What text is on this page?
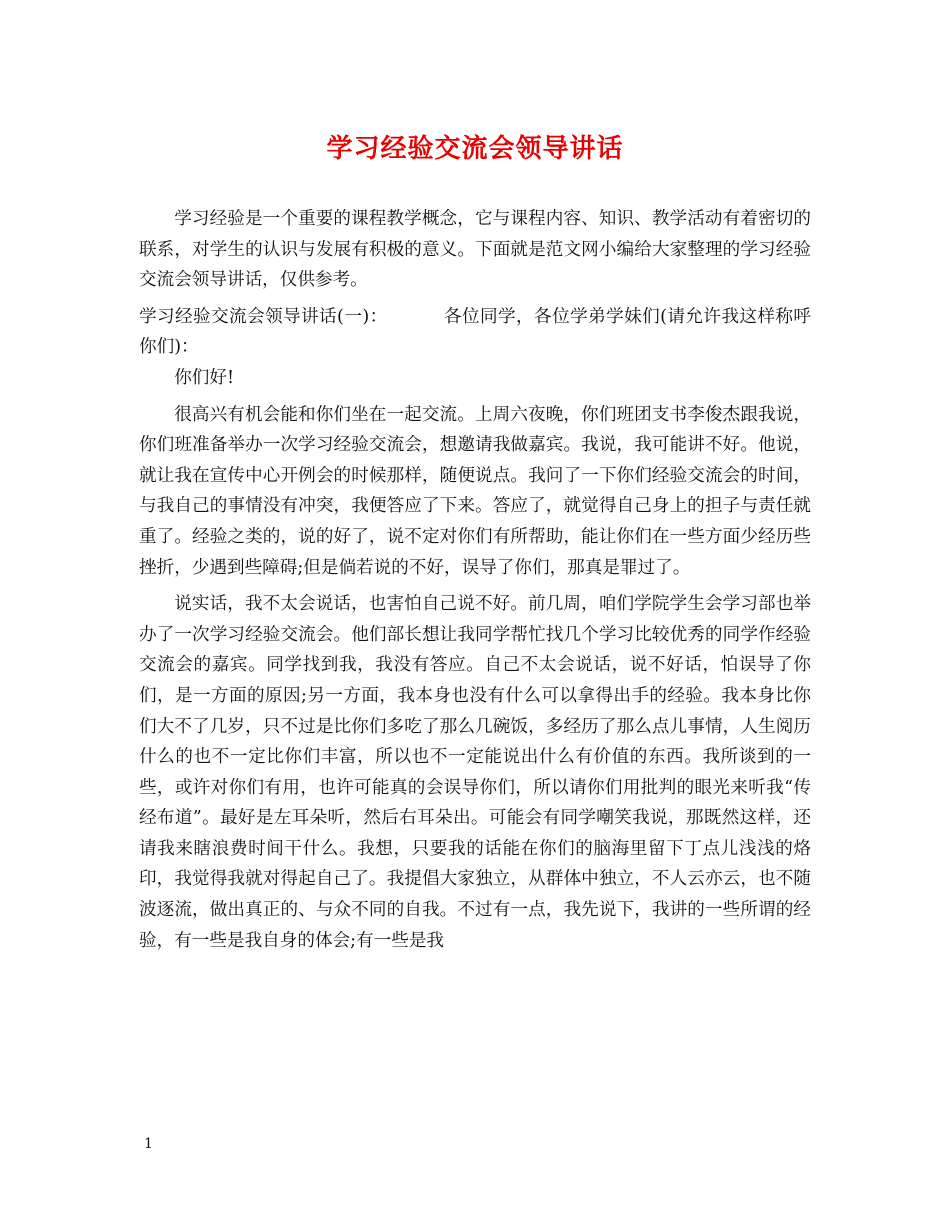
学习经验交流会领导讲话

学习经验是一个重要的课程教学概念，它与课程内容、知识、教学活动有着密切的联系，对学生的认识与发展有积极的意义。下面就是范文网小编给大家整理的学习经验交流会领导讲话，仅供参考。

学习经验交流会领导讲话(一)：	各位同学，各位学弟学妹们(请允许我这样称呼你们)：

你们好!

很高兴有机会能和你们坐在一起交流。上周六夜晚，你们班团支书李俊杰跟我说，你们班准备举办一次学习经验交流会，想邀请我做嘉宾。我说，我可能讲不好。他说，就让我在宣传中心开例会的时候那样，随便说点。我问了一下你们经验交流会的时间，与我自己的事情没有冲突，我便答应了下来。答应了，就觉得自己身上的担子与责任就重了。经验之类的，说的好了，说不定对你们有所帮助，能让你们在一些方面少经历些挫折，少遇到些障碍;但是倘若说的不好，误导了你们，那真是罪过了。

说实话，我不太会说话，也害怕自己说不好。前几周，咱们学院学生会学习部也举办了一次学习经验交流会。他们部长想让我同学帮忙找几个学习比较优秀的同学作经验交流会的嘉宾。同学找到我，我没有答应。自己不太会说话，说不好话，怕误导了你们，是一方面的原因;另一方面，我本身也没有什么可以拿得出手的经验。我本身比你们大不了几岁，只不过是比你们多吃了那么几碗饭，多经历了那么点儿事情，人生阅历什么的也不一定比你们丰富，所以也不一定能说出什么有价值的东西。我所谈到的一些，或许对你们有用，也许可能真的会误导你们，所以请你们用批判的眼光来听我“传经布道”。最好是左耳朵听，然后右耳朵出。可能会有同学嘲笑我说，那既然这样，还请我来瞎浪费时间干什么。我想，只要我的话能在你们的脑海里留下丁点儿浅浅的烙印，我觉得我就对得起自己了。我提倡大家独立，从群体中独立，不人云亦云，也不随波逐流，做出真正的、与众不同的自我。不过有一点，我先说下，我讲的一些所谓的经验，有一些是我自身的体会;有一些是我

1
